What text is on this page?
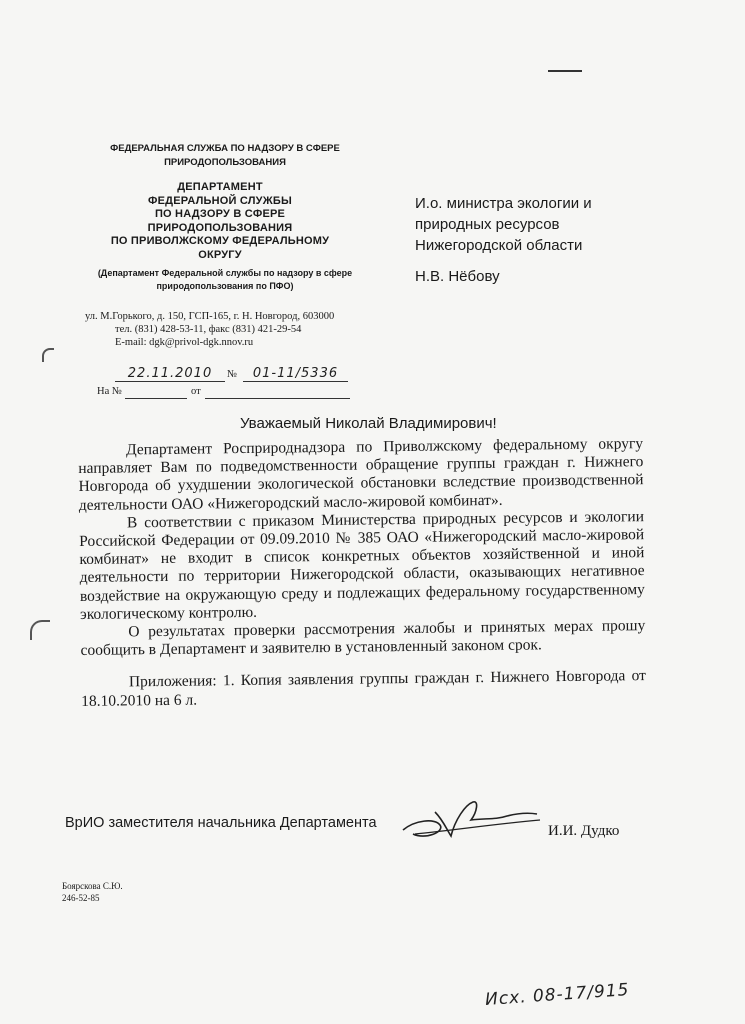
ФЕДЕРАЛЬНАЯ СЛУЖБА ПО НАДЗОРУ В СФЕРЕ
ПРИРОДОПОЛЬЗОВАНИЯ
ДЕПАРТАМЕНТ
ФЕДЕРАЛЬНОЙ СЛУЖБЫ
ПО НАДЗОРУ В СФЕРЕ
ПРИРОДОПОЛЬЗОВАНИЯ
ПО ПРИВОЛЖСКОМУ ФЕДЕРАЛЬНОМУ
ОКРУГУ
(Департамент Федеральной службы по надзору в сфере
природопользования по ПФО)
ул. М.Горького, д. 150, ГСП-165, г. Н. Новгород, 603000
тел. (831) 428-53-11, факс (831) 421-29-54
E-mail: dgk@privol-dgk.nnov.ru
22.11.2010	№	01-11/5336
На №	от
И.о. министра экологии и
природных ресурсов
Нижегородской области
Н.В. Нёбову
Уважаемый Николай Владимирович!

Департамент Росприроднадзора по Приволжскому федеральному округу направляет Вам по подведомственности обращение группы граждан г. Нижнего Новгорода об ухудшении экологической обстановки вследствие производственной деятельности ОАО «Нижегородский масло-жировой комбинат».

В соответствии с приказом Министерства природных ресурсов и экологии Российской Федерации от 09.09.2010 № 385 ОАО «Нижегородский масло-жировой комбинат» не входит в список конкретных объектов хозяйственной и иной деятельности по территории Нижегородской области, оказывающих негативное воздействие на окружающую среду и подлежащих федеральному государственному экологическому контролю.

О результатах проверки рассмотрения жалобы и принятых мерах прошу сообщить в Департамент и заявителю в установленный законом срок.

Приложения: 1. Копия заявления группы граждан г. Нижнего Новгорода от 18.10.2010 на 6 л.

ВрИО заместителя начальника Департамента	И.И. Дудко
Боярскова С.Ю.
246-52-85
Исх. 08-17/915
